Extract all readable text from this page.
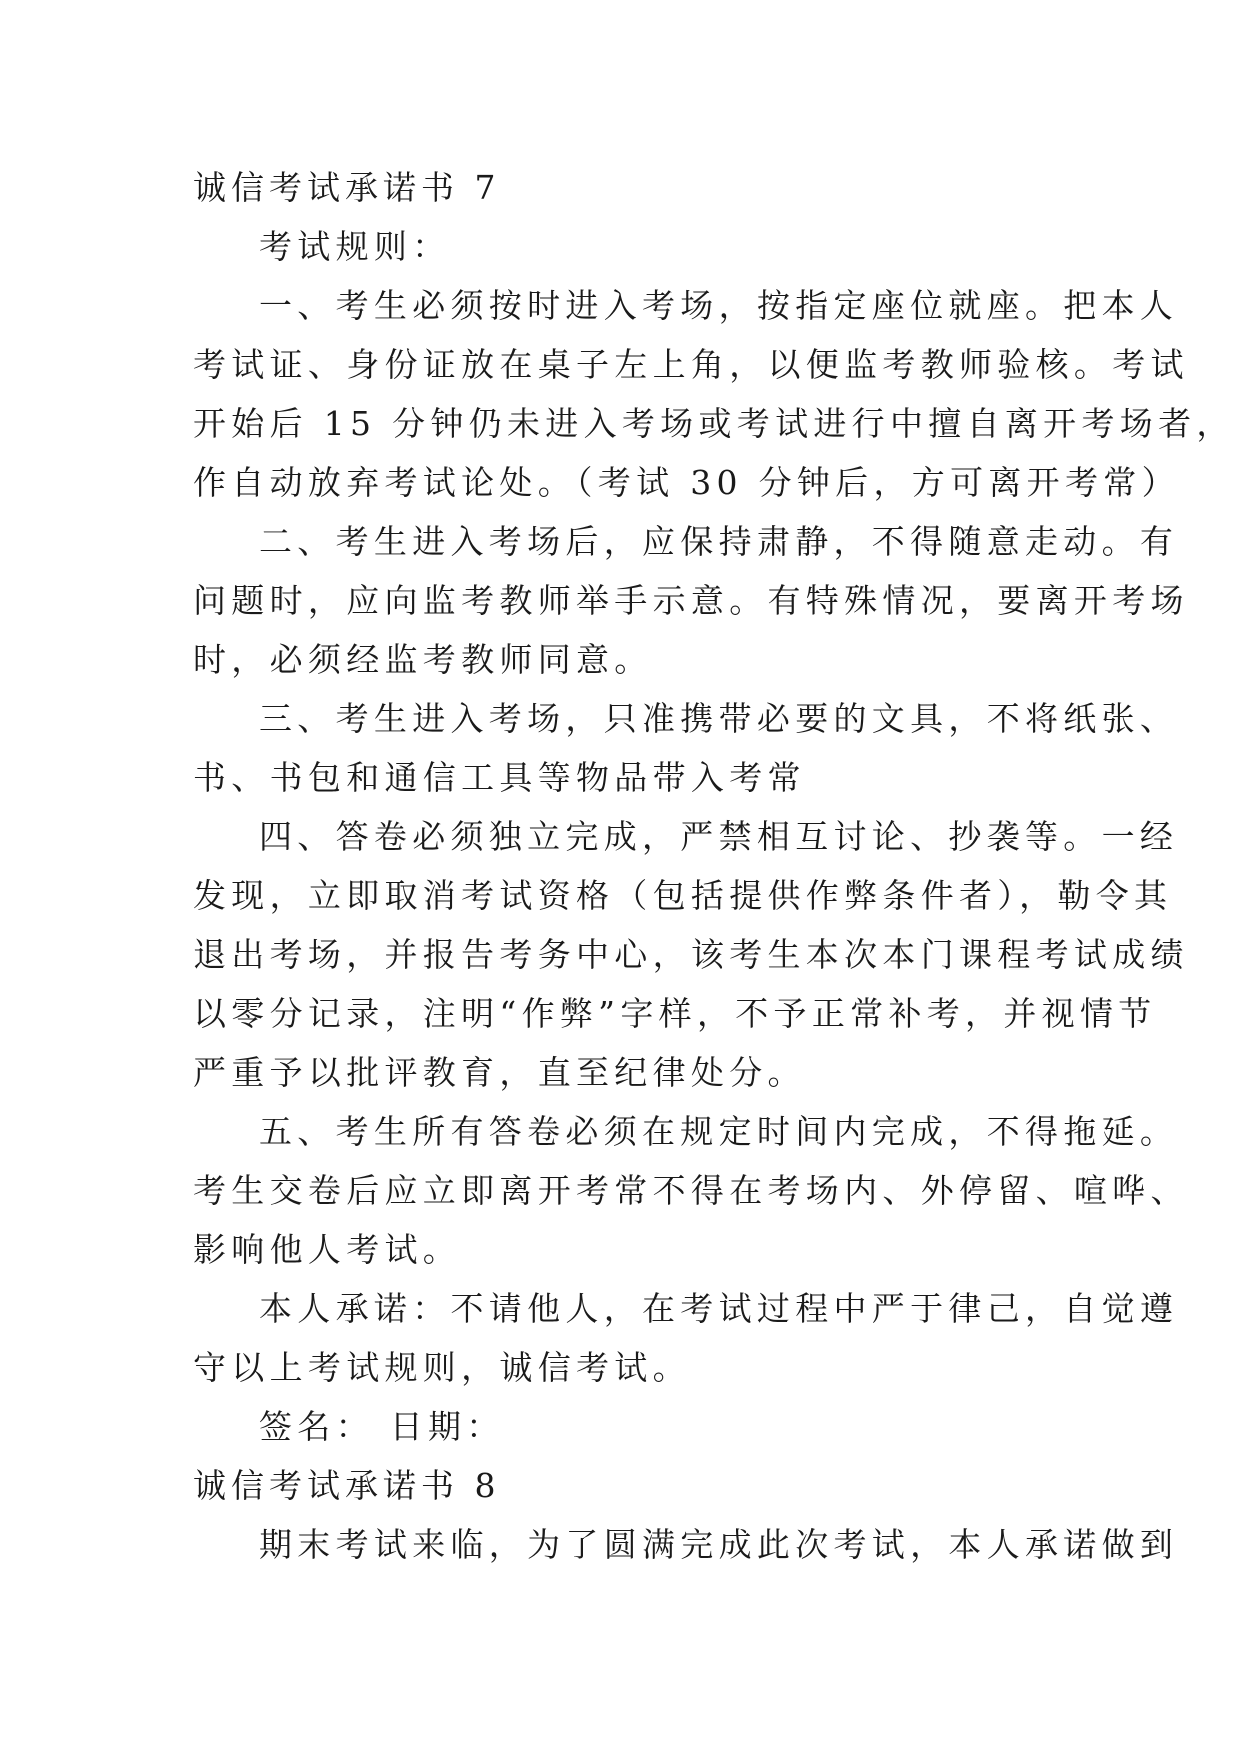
诚信考试承诺书 7
考试规则：
一、考生必须按时进入考场，按指定座位就座。把本人
考试证、身份证放在桌子左上角，以便监考教师验核。考试
开始后 15 分钟仍未进入考场或考试进行中擅自离开考场者，
作自动放弃考试论处。（考试 30 分钟后，方可离开考常）
二、考生进入考场后，应保持肃静，不得随意走动。有
问题时，应向监考教师举手示意。有特殊情况，要离开考场
时，必须经监考教师同意。
三、考生进入考场，只准携带必要的文具，不将纸张、
书、书包和通信工具等物品带入考常
四、答卷必须独立完成，严禁相互讨论、抄袭等。一经
发现，立即取消考试资格（包括提供作弊条件者），勒令其
退出考场，并报告考务中心，该考生本次本门课程考试成绩
以零分记录，注明“作弊”字样，不予正常补考，并视情节
严重予以批评教育，直至纪律处分。
五、考生所有答卷必须在规定时间内完成，不得拖延。
考生交卷后应立即离开考常不得在考场内、外停留、喧哗、
影响他人考试。
本人承诺：不请他人，在考试过程中严于律己，自觉遵
守以上考试规则，诚信考试。
签名： 日期：
诚信考试承诺书 8
期末考试来临，为了圆满完成此次考试，本人承诺做到
